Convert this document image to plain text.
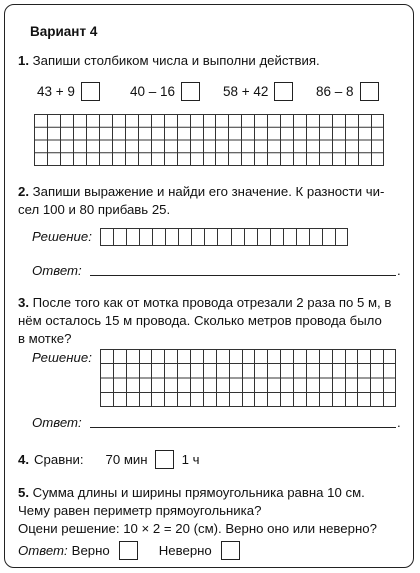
Вариант 4
1. Запиши столбиком числа и выполни действия.
43 + 9	40 – 16	58 + 42	86 – 8
2. Запиши выражение и найди его значение. К разности чи-
сел 100 и 80 прибавь 25.
Решение:
Ответ:	.
3. После того как от мотка провода отрезали 2 раза по 5 м, в
нём осталось 15 м провода. Сколько метров провода было
в мотке?
Решение:
Ответ:	.
4. Сравни: 70 мин	1 ч
5. Сумма длины и ширины прямоугольника равна 10 см.
Чему равен периметр прямоугольника?
Оцени решение: 10 × 2 = 20 (см). Верно оно или неверно?
Ответ: Верно	Неверно
